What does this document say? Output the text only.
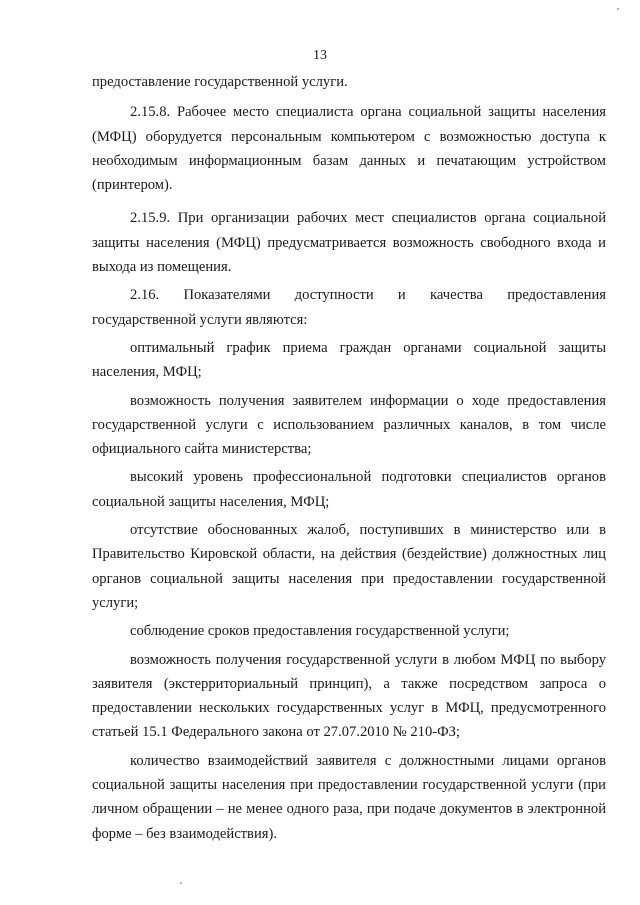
13

предоставление государственной услуги.

2.15.8. Рабочее место специалиста органа социальной защиты населения (МФЦ) оборудуется персональным компьютером с возможностью доступа к необходимым информационным базам данных и печатающим устройством (принтером).

2.15.9. При организации рабочих мест специалистов органа социальной защиты населения (МФЦ) предусматривается возможность свободного входа и выхода из помещения.

2.16. Показателями доступности и качества предоставления государственной услуги являются:

оптимальный график приема граждан органами социальной защиты населения, МФЦ;

возможность получения заявителем информации о ходе предоставления государственной услуги с использованием различных каналов, в том числе официального сайта министерства;

высокий уровень профессиональной подготовки специалистов органов социальной защиты населения, МФЦ;

отсутствие обоснованных жалоб, поступивших в министерство или в Правительство Кировской области, на действия (бездействие) должностных лиц органов социальной защиты населения при предоставлении государственной услуги;

соблюдение сроков предоставления государственной услуги;

возможность получения государственной услуги в любом МФЦ по выбору заявителя (экстерриториальный принцип), а также посредством запроса о предоставлении нескольких государственных услуг в МФЦ, предусмотренного статьей 15.1 Федерального закона от 27.07.2010 № 210-ФЗ;

количество взаимодействий заявителя с должностными лицами органов социальной защиты населения при предоставлении государственной услуги (при личном обращении – не менее одного раза, при подаче документов в электронной форме – без взаимодействия).
